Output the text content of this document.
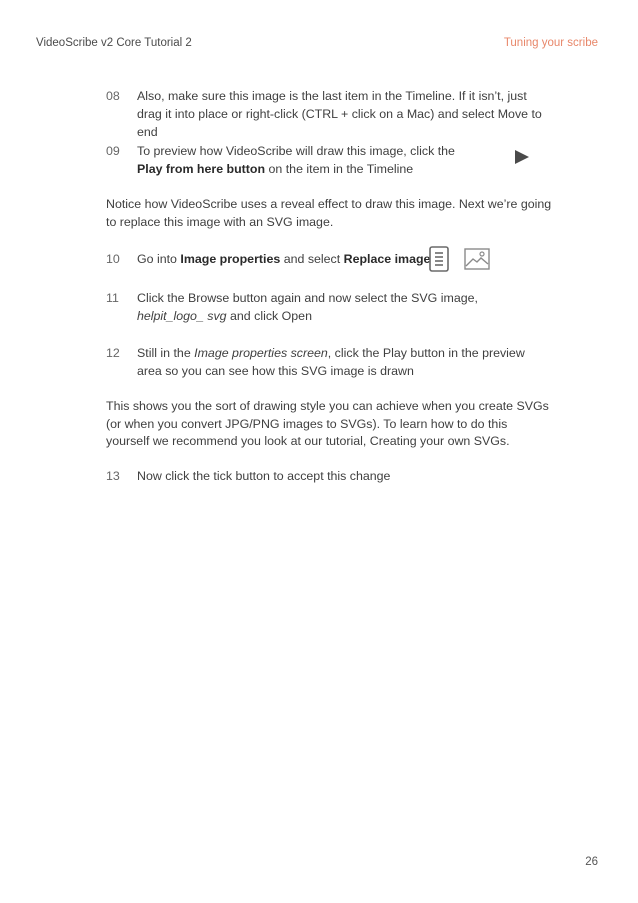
VideoScribe v2 Core Tutorial 2	Tuning your scribe
08	Also, make sure this image is the last item in the Timeline. If it isn’t, just drag it into place or right-click (CTRL + click on a Mac) and select Move to end
09	To preview how VideoScribe will draw this image, click the Play from here button on the item in the Timeline
Notice how VideoScribe uses a reveal effect to draw this image. Next we’re going to replace this image with an SVG image.
10	Go into Image properties and select Replace image
11	Click the Browse button again and now select the SVG image, helpit_logo_ svg and click Open
12	Still in the Image properties screen, click the Play button in the preview area so you can see how this SVG image is drawn
This shows you the sort of drawing style you can achieve when you create SVGs (or when you convert JPG/PNG images to SVGs). To learn how to do this yourself we recommend you look at our tutorial, Creating your own SVGs.
13	Now click the tick button to accept this change
26
